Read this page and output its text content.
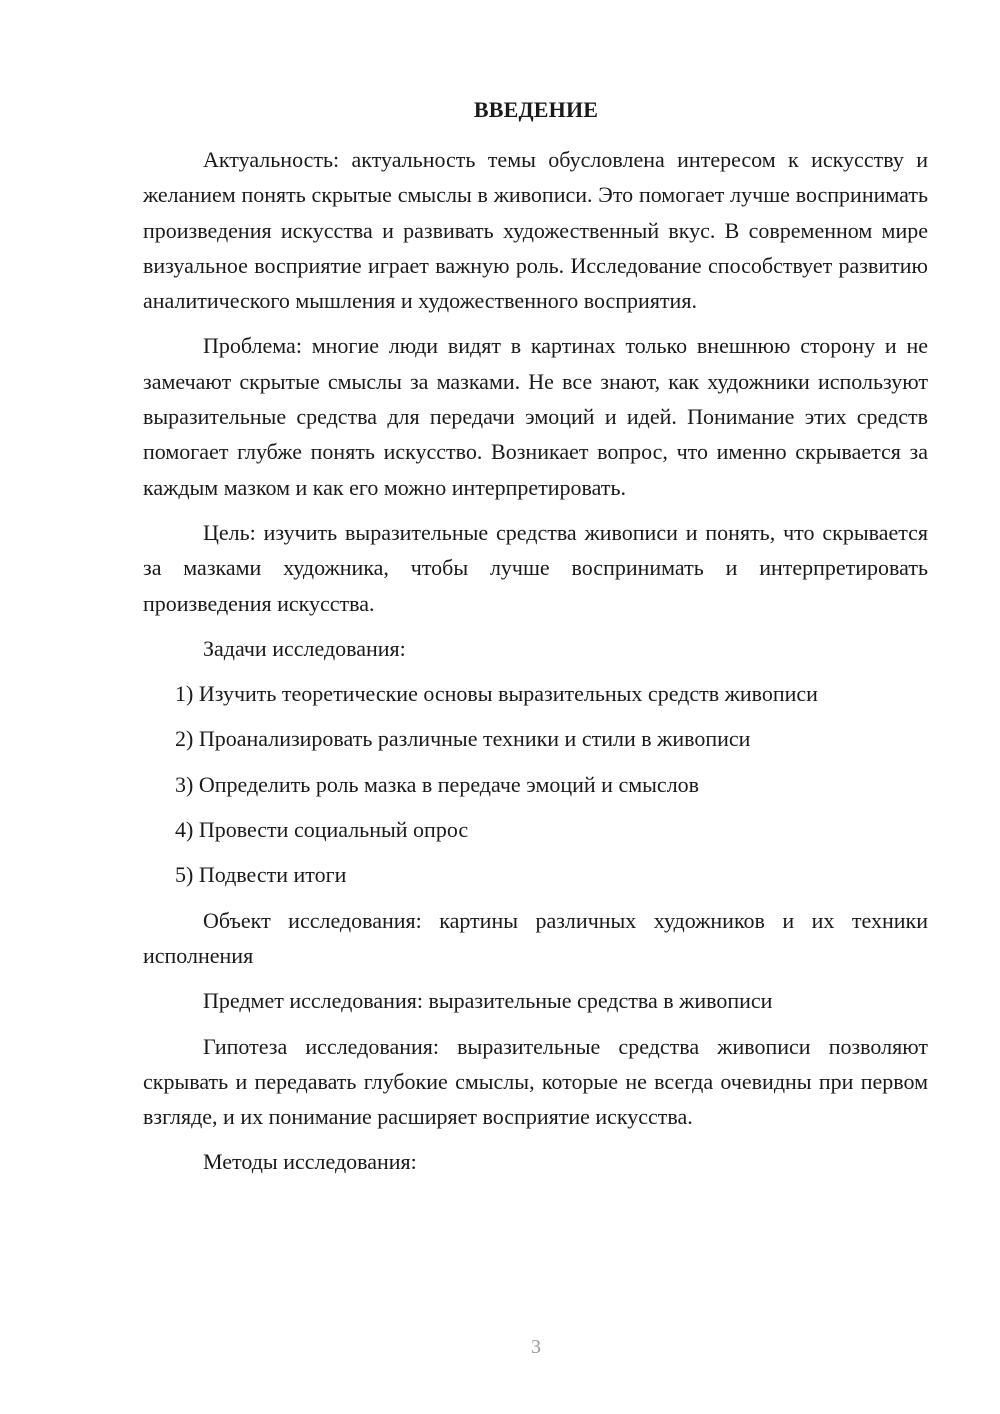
ВВЕДЕНИЕ

Актуальность: актуальность темы обусловлена интересом к искусству и желанием понять скрытые смыслы в живописи. Это помогает лучше воспринимать произведения искусства и развивать художественный вкус. В современном мире визуальное восприятие играет важную роль. Исследование способствует развитию аналитического мышления и художественного восприятия.

Проблема: многие люди видят в картинах только внешнюю сторону и не замечают скрытые смыслы за мазками. Не все знают, как художники используют выразительные средства для передачи эмоций и идей. Понимание этих средств помогает глубже понять искусство. Возникает вопрос, что именно скрывается за каждым мазком и как его можно интерпретировать.

Цель: изучить выразительные средства живописи и понять, что скрывается за мазками художника, чтобы лучше воспринимать и интерпретировать произведения искусства.

Задачи исследования:

1) Изучить теоретические основы выразительных средств живописи

2) Проанализировать различные техники и стили в живописи

3) Определить роль мазка в передаче эмоций и смыслов

4) Провести социальный опрос

5) Подвести итоги

Объект исследования: картины различных художников и их техники исполнения

Предмет исследования: выразительные средства в живописи

Гипотеза исследования: выразительные средства живописи позволяют скрывать и передавать глубокие смыслы, которые не всегда очевидны при первом взгляде, и их понимание расширяет восприятие искусства.

Методы исследования:

3
